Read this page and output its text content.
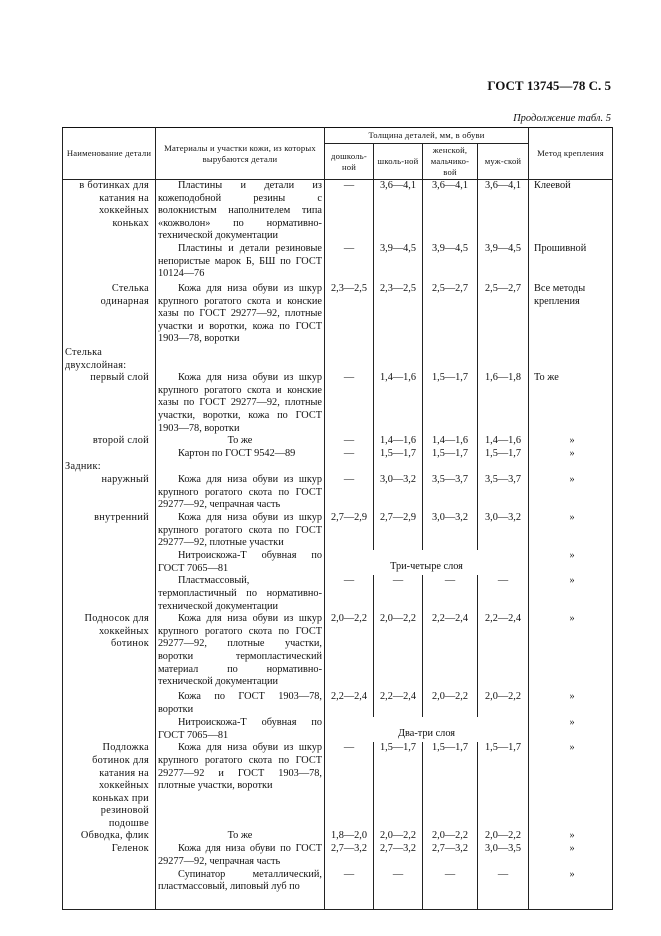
ГОСТ 13745—78 С. 5
Продолжение табл. 5
Наименование детали	Материалы и участки кожи, из которых вырубаются детали	Толщина деталей, мм, в обуви				Метод крепления
		дошколь-ной	школь-ной	женской, мальчико-вой	муж-ской	
в ботинках для катания на хоккейных коньках	Пластины и детали из кожеподобной резины с волокнистым наполнителем типа «кожволон» по нормативно-технической документации	—	3,6—4,1	3,6—4,1	3,6—4,1	Клеевой
	Пластины и детали резиновые непористые марок Б, БШ по ГОСТ 10124—76	—	3,9—4,5	3,9—4,5	3,9—4,5	Прошивной
Стелька одинарная	Кожа для низа обуви из шкур крупного рогатого скота и конские хазы по ГОСТ 29277—92, плотные участки и воротки, кожа по ГОСТ 1903—78, воротки	2,3—2,5	2,3—2,5	2,5—2,7	2,5—2,7	Все методы крепления
Стелька двухслойная:						
первый слой	Кожа для низа обуви из шкур крупного рогатого скота и конские хазы по ГОСТ 29277—92, плотные участки, воротки, кожа по ГОСТ 1903—78, воротки	—	1,4—1,6	1,5—1,7	1,6—1,8	То же
второй слой	То же	—	1,4—1,6	1,4—1,6	1,4—1,6	»
	Картон по ГОСТ 9542—89	—	1,5—1,7	1,5—1,7	1,5—1,7	»
Задник:						
наружный	Кожа для низа обуви из шкур крупного рогатого скота по ГОСТ 29277—92, чепрачная часть	—	3,0—3,2	3,5—3,7	3,5—3,7	»
внутренний	Кожа для низа обуви из шкур крупного рогатого скота по ГОСТ 29277—92, плотные участки	2,7—2,9	2,7—2,9	3,0—3,2	3,0—3,2	»
	Нитроискожа-Т обувная по ГОСТ 7065—81	Три-четыре слоя				»
	Пластмассовый, термопластичный по нормативно-технической документации	—	—	—	—	»
Подносок для хоккейных ботинок	Кожа для низа обуви из шкур крупного рогатого скота по ГОСТ 29277—92, плотные участки, воротки термопластический материал по нормативно-технической документации	2,0—2,2	2,0—2,2	2,2—2,4	2,2—2,4	»
	Кожа по ГОСТ 1903—78, воротки	2,2—2,4	2,2—2,4	2,0—2,2	2,0—2,2	»
	Нитроискожа-Т обувная по ГОСТ 7065—81	Два-три слоя				»
Подложка ботинок для катания на хоккейных коньках при резиновой подошве	Кожа для низа обуви из шкур крупного рогатого скота по ГОСТ 29277—92 и ГОСТ 1903—78, плотные участки, воротки	—	1,5—1,7	1,5—1,7	1,5—1,7	»
Обводка, флик	То же	1,8—2,0	2,0—2,2	2,0—2,2	2,0—2,2	»
Геленок	Кожа для низа обуви по ГОСТ 29277—92, чепрачная часть	2,7—3,2	2,7—3,2	2,7—3,2	3,0—3,5	»
	Супинатор металлический, пластмассовый, липовый луб по	—	—	—	—	»
